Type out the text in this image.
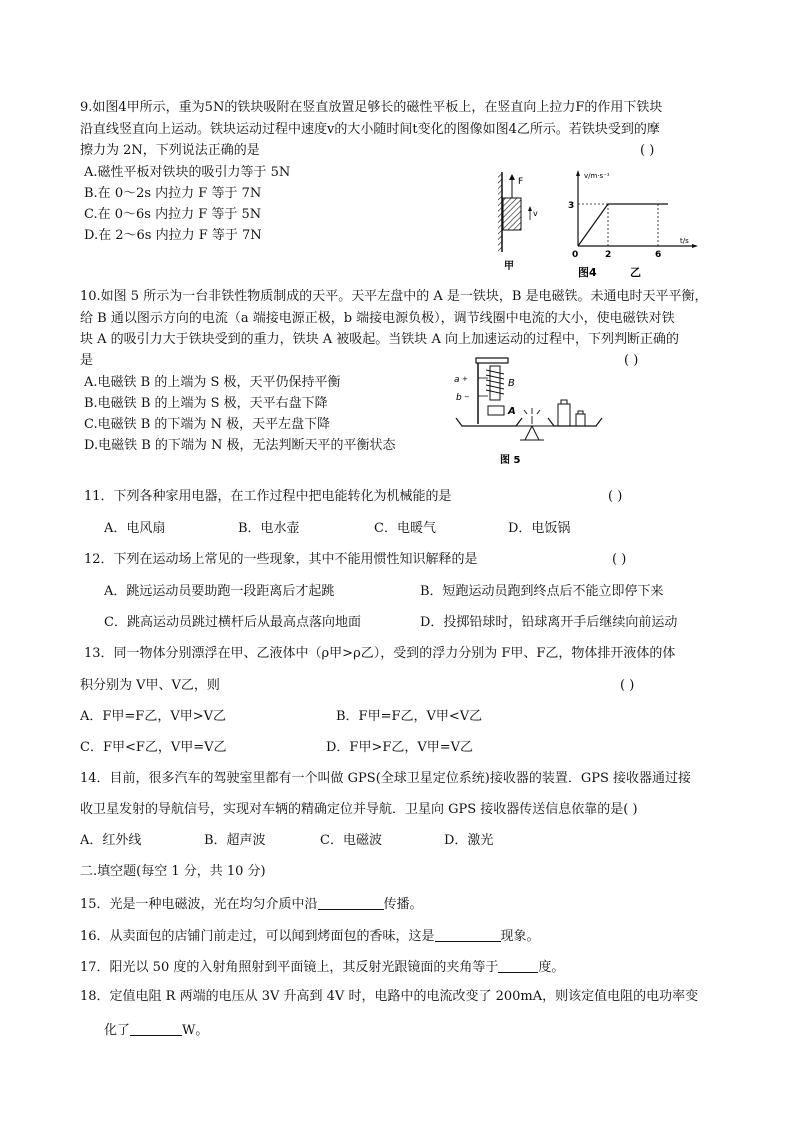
9.如图4甲所示，重为5N的铁块吸附在竖直放置足够长的磁性平板上，在竖直向上拉力F的作用下铁块
沿直线竖直向上运动。铁块运动过程中速度v的大小随时间t变化的图像如图4乙所示。若铁块受到的摩
擦力为 2N，下列说法正确的是	( )
A.磁性平板对铁块的吸引力等于 5N
B.在 0～2s 内拉力 F 等于 7N
C.在 0～6s 内拉力 F 等于 5N
D.在 2～6s 内拉力 F 等于 7N
F
v
甲
v/m·s⁻¹
t/s
3
0	2	6
图4	乙
10.如图 5 所示为一台非铁性物质制成的天平。天平左盘中的 A 是一铁块，B 是电磁铁。未通电时天平平衡，
给 B 通以图示方向的电流（a 端接电源正极，b 端接电源负极），调节线圈中电流的大小，使电磁铁对铁
块 A 的吸引力大于铁块受到的重力，铁块 A 被吸起。当铁块 A 向上加速运动的过程中，下列判断正确的
是	( )
A.电磁铁 B 的上端为 S 极，天平仍保持平衡
B.电磁铁 B 的上端为 S 极，天平右盘下降
C.电磁铁 B 的下端为 N 极，天平左盘下降
D.电磁铁 B 的下端为 N 极，无法判断天平的平衡状态
a +
b −
B
A
图 5
11．下列各种家用电器，在工作过程中把电能转化为机械能的是	( )
A．电风扇	B．电水壶	C．电暖气	D．电饭锅
12．下列在运动场上常见的一些现象，其中不能用惯性知识解释的是	( )
A．跳远运动员要助跑一段距离后才起跳	B．短跑运动员跑到终点后不能立即停下来
C．跳高运动员跳过横杆后从最高点落向地面	D．投掷铅球时，铅球离开手后继续向前运动
13．同一物体分别漂浮在甲、乙液体中（ρ甲>ρ乙），受到的浮力分别为 F甲、F乙，物体排开液体的体
积分别为 V甲、V乙，则	( )
A．F甲=F乙，V甲>V乙	B．F甲=F乙，V甲<V乙
C．F甲<F乙，V甲=V乙	D．F甲>F乙，V甲=V乙
14．目前，很多汽车的驾驶室里都有一个叫做 GPS(全球卫星定位系统)接收器的装置．GPS 接收器通过接
收卫星发射的导航信号，实现对车辆的精确定位并导航．卫星向 GPS 接收器传送信息依靠的是( )
A．红外线	B．超声波	C．电磁波	D．激光
二.填空题(每空 1 分，共 10 分)
15．光是一种电磁波，光在均匀介质中沿	传播。
16．从卖面包的店铺门前走过，可以闻到烤面包的香味，这是	现象。
17．阳光以 50 度的入射角照射到平面镜上，其反射光跟镜面的夹角等于	度。
18．定值电阻 R 两端的电压从 3V 升高到 4V 时，电路中的电流改变了 200mA，则该定值电阻的电功率变
化了	W。
